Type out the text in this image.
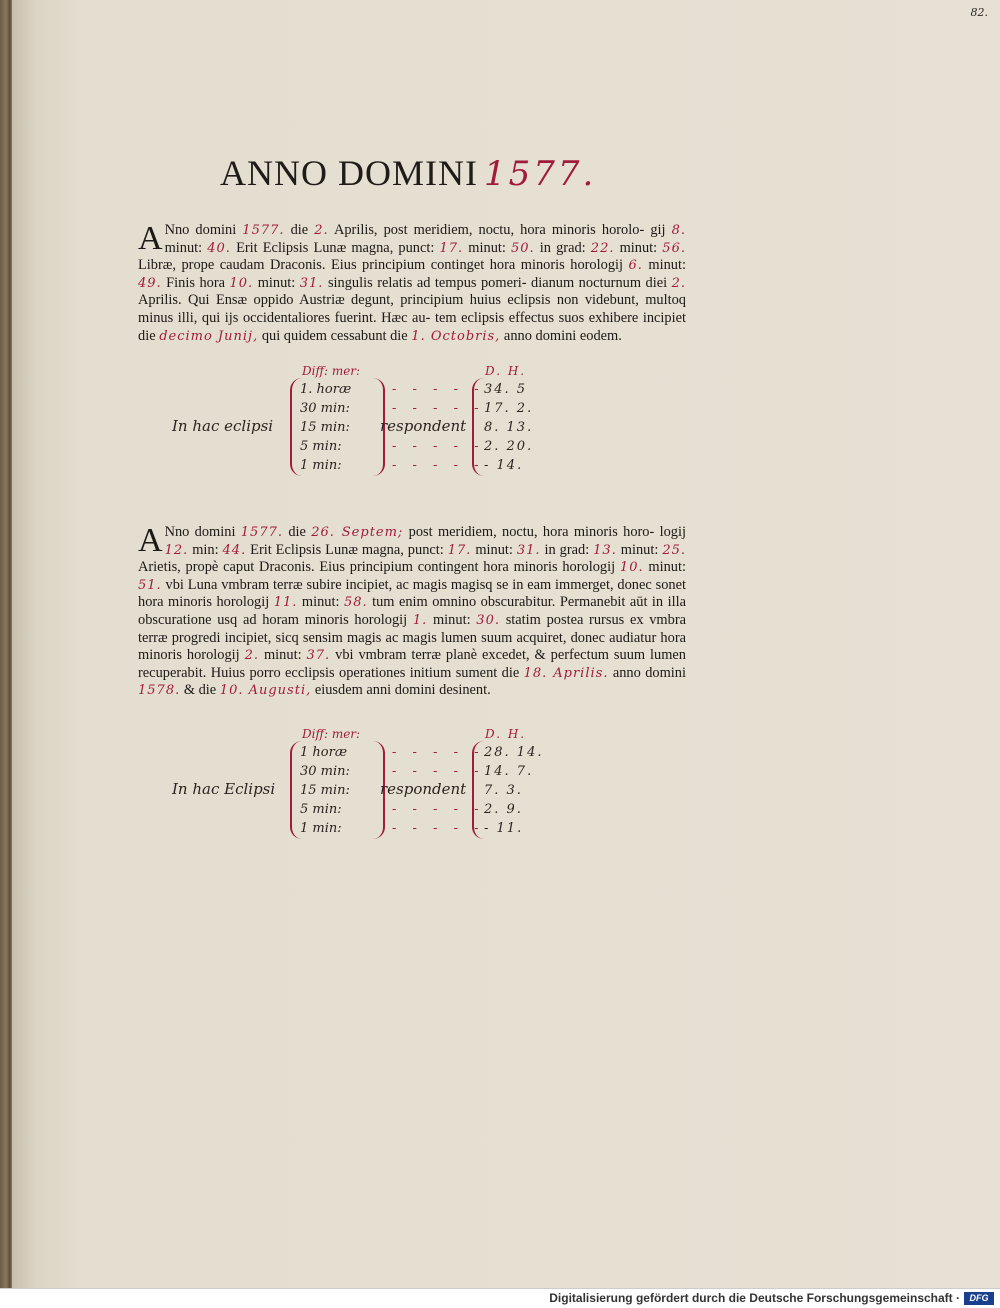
82.
ANNO DOMINI 1577.
A Nno domini 1577. die 2. Aprilis, post meridiem, noctu, hora minoris horolo- gij 8. minut: 40. Erit Eclipsis Lunæ magna, punct: 17. minut: 50. in grad: 22. minut: 56. Libræ, prope caudam Draconis. Eius principium continget hora minoris horologij 6. minut: 49. Finis hora 10. minut: 31. singulis relatis ad tempus pomeri- dianum nocturnum diei 2. Aprilis. Qui Ensæ oppido Austriæ degunt, principium huius eclipsis non videbunt, multoq minus illi, qui ijs occidentaliores fuerint. Hæc au- tem eclipsis effectus suos exhibere incipiet die decimo Junij, qui quidem cessabunt die 1. Octobris, anno domini eodem.
Diff: mer:	D. H.
In hac eclipsi	respondent
1. horæ	- - - - - 34. 5
30 min:	- - - - - 17. 2.
15 min:	8. 13.
5 min:	- - - - - 2. 20.
1 min:	- - - - - - 14.
A Nno domini 1577. die 26. Septem; post meridiem, noctu, hora minoris horo- logij 12. min: 44. Erit Eclipsis Lunæ magna, punct: 17. minut: 31. in grad: 13. minut: 25. Arietis, propè caput Draconis. Eius principium contingent hora minoris horologij 10. minut: 51. vbi Luna vmbram terræ subire incipiet, ac magis magisq se in eam immerget, donec sonet hora minoris horologij 11. minut: 58. tum enim omnino obscurabitur. Permanebit aūt in illa obscuratione usq ad horam minoris horologij 1. minut: 30. statim postea rursus ex vmbra terræ progredi incipiet, sicq sensim magis ac magis lumen suum acquiret, donec audiatur hora minoris horologij 2. minut: 37. vbi vmbram terræ planè excedet, & perfectum suum lumen recuperabit. Huius porro ecclipsis operationes initium sument die 18. Aprilis. anno domini 1578. & die 10. Augusti, eiusdem anni domini desinent.
Diff: mer:	D. H.
In hac Eclipsi	respondent
1 horæ	- - - - - 28. 14.
30 min:	- - - - - 14. 7.
15 min:	7. 3.
5 min:	- - - - - 2. 9.
1 min:	- - - - - - 11.
Digitalisierung gefördert durch die Deutsche Forschungsgemeinschaft ·	DFG
